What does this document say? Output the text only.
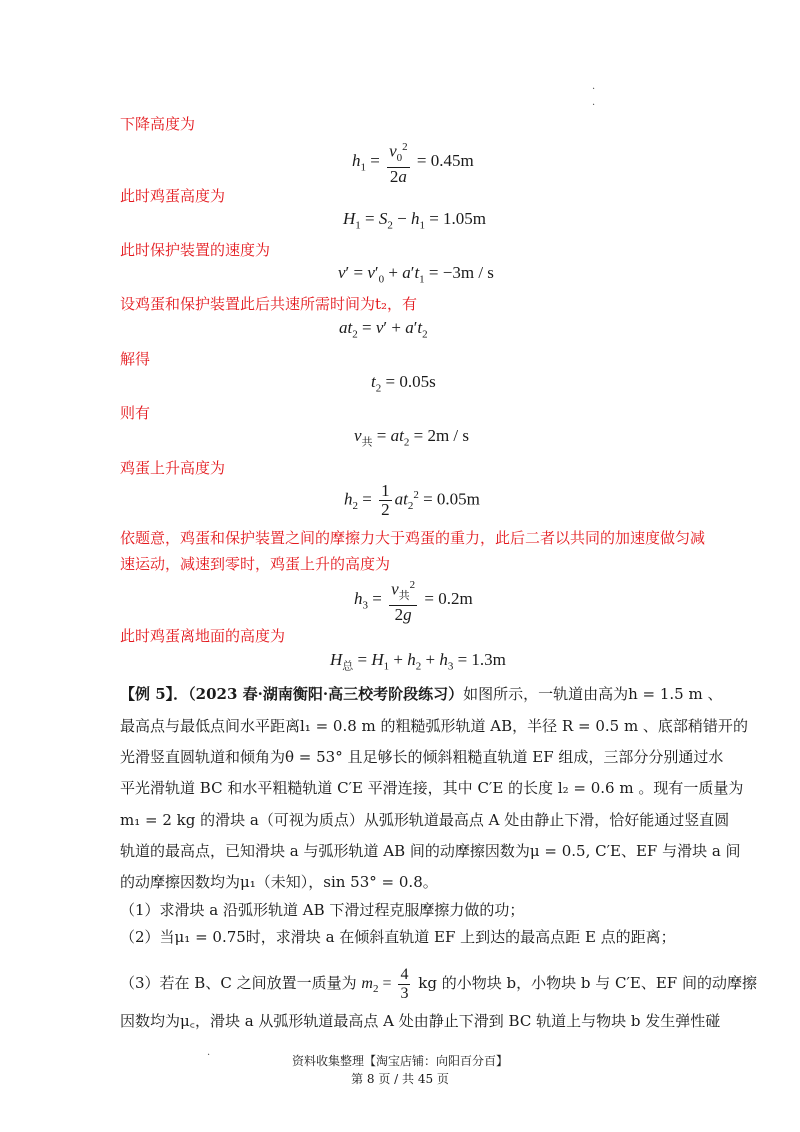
·
·
下降高度为
$h_1 = \frac{v_0^2}{2a} = 0.45m$
此时鸡蛋高度为
$H_1 = S_2 - h_1 = 1.05m$
此时保护装置的速度为
$v' = v'_0 + a't_1 = -3m / s$
设鸡蛋和保护装置此后共速所需时间为t₂，有
$at_2 = v' + a't_2$
解得
$t_2 = 0.05s$
则有
$v_共 = at_2 = 2m / s$
鸡蛋上升高度为
$h_2 = \frac{1}{2} at_2^2 = 0.05m$
依题意，鸡蛋和保护装置之间的摩擦力大于鸡蛋的重力，此后二者以共同的加速度做匀减
速运动，减速到零时，鸡蛋上升的高度为
$h_3 = \frac{v_共^2}{2g} = 0.2m$
此时鸡蛋离地面的高度为
$H_总 = H_1 + h_2 + h_3 = 1.3m$
【例 5】．（2023 春·湖南衡阳·高三校考阶段练习）如图所示，一轨道由高为h = 1.5 m 、
最高点与最低点间水平距离l₁ = 0.8 m 的粗糙弧形轨道 AB，半径 R = 0.5 m 、底部稍错开的
光滑竖直圆轨道和倾角为θ = 53° 且足够长的倾斜粗糙直轨道 EF 组成，三部分分别通过水
平光滑轨道 BC 和水平粗糙轨道 C′E 平滑连接，其中 C′E 的长度 l₂ = 0.6 m 。现有一质量为
m₁ = 2 kg 的滑块 a（可视为质点）从弧形轨道最高点 A 处由静止下滑，恰好能通过竖直圆
轨道的最高点，已知滑块 a 与弧形轨道 AB 间的动摩擦因数为μ = 0.5, C′E、EF 与滑块 a 间
的动摩擦因数均为μ₁（未知），sin 53° = 0.8。
（1）求滑块 a 沿弧形轨道 AB 下滑过程克服摩擦力做的功；
（2）当μ₁ = 0.75时，求滑块 a 在倾斜直轨道 EF 上到达的最高点距 E 点的距离；
（3）若在 B、C 之间放置一质量为 $m_2 = \frac{4}{3}$ kg 的小物块 b，小物块 b 与 C′E、EF 间的动摩擦
因数均为μ꜀，滑块 a 从弧形轨道最高点 A 处由静止下滑到 BC 轨道上与物块 b 发生弹性碰
·	资料收集整理【淘宝店铺：向阳百分百】
第 8 页 / 共 45 页
